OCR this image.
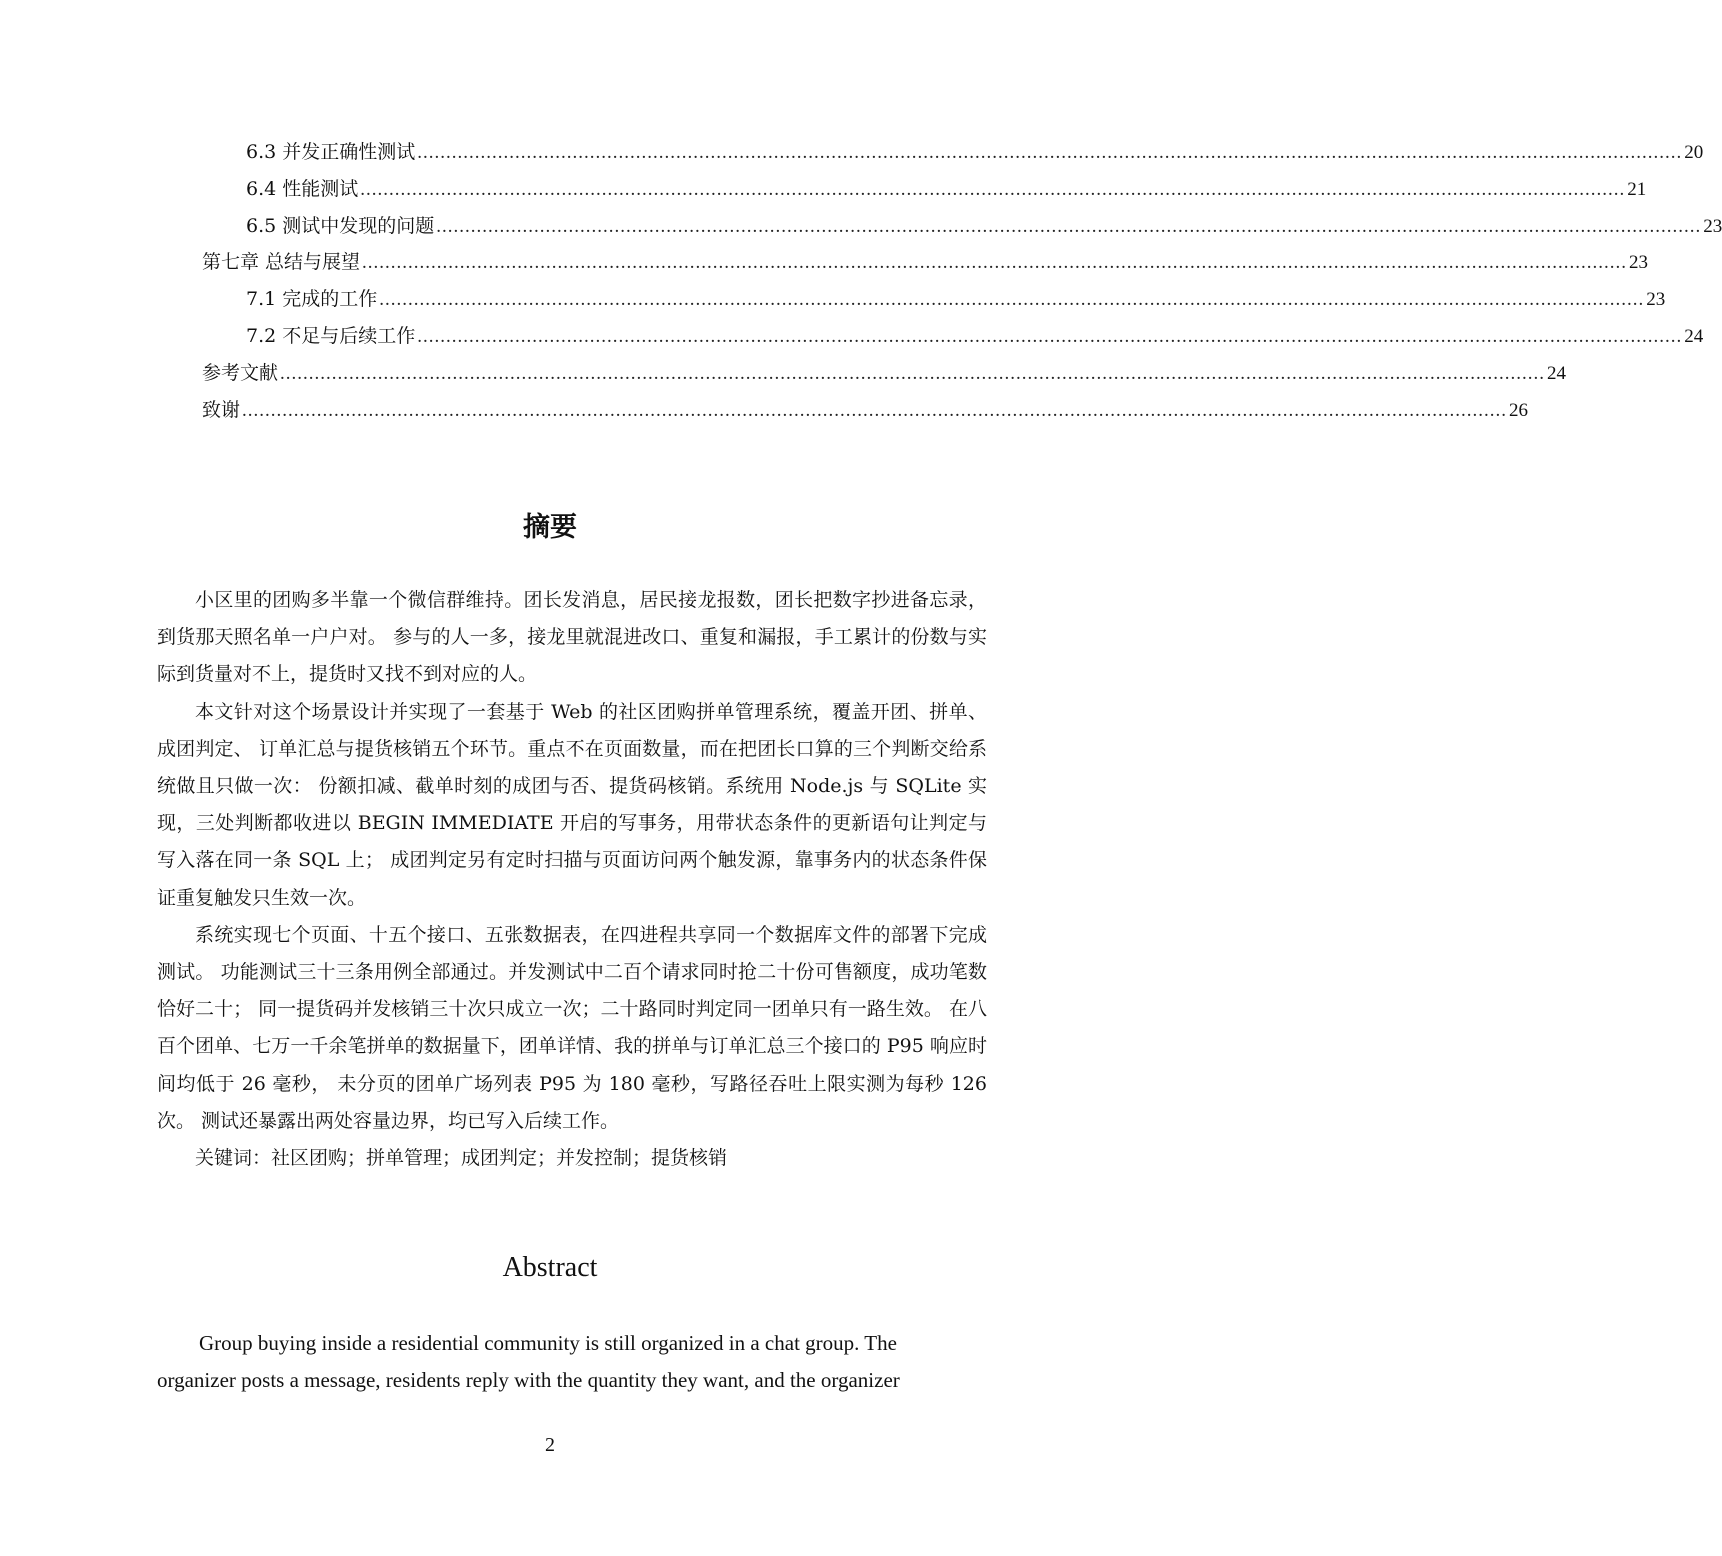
6.3 并发正确性测试 ............................................................................................................................................................................................................................ 20
6.4 性能测试 ............................................................................................................................................................................................................................ 21
6.5 测试中发现的问题 ............................................................................................................................................................................................................................ 23
第七章 总结与展望 ............................................................................................................................................................................................................................ 23
7.1 完成的工作 ............................................................................................................................................................................................................................ 23
7.2 不足与后续工作 ............................................................................................................................................................................................................................ 24
参考文献 ............................................................................................................................................................................................................................ 24
致谢 ............................................................................................................................................................................................................................ 26
摘要

小区里的团购多半靠一个微信群维持。团长发消息，居民接龙报数，团长把数字抄进备忘录，到货那天照名单一户户对。 参与的人一多，接龙里就混进改口、重复和漏报，手工累计的份数与实际到货量对不上，提货时又找不到对应的人。

本文针对这个场景设计并实现了一套基于 Web 的社区团购拼单管理系统，覆盖开团、拼单、成团判定、 订单汇总与提货核销五个环节。重点不在页面数量，而在把团长口算的三个判断交给系统做且只做一次： 份额扣减、截单时刻的成团与否、提货码核销。系统用 Node.js 与 SQLite 实现，三处判断都收进以 BEGIN IMMEDIATE 开启的写事务，用带状态条件的更新语句让判定与写入落在同一条 SQL 上； 成团判定另有定时扫描与页面访问两个触发源，靠事务内的状态条件保证重复触发只生效一次。

系统实现七个页面、十五个接口、五张数据表，在四进程共享同一个数据库文件的部署下完成测试。 功能测试三十三条用例全部通过。并发测试中二百个请求同时抢二十份可售额度，成功笔数恰好二十； 同一提货码并发核销三十次只成立一次；二十路同时判定同一团单只有一路生效。 在八百个团单、七万一千余笔拼单的数据量下，团单详情、我的拼单与订单汇总三个接口的 P95 响应时间均低于 26 毫秒， 未分页的团单广场列表 P95 为 180 毫秒，写路径吞吐上限实测为每秒 126 次。 测试还暴露出两处容量边界，均已写入后续工作。

关键词：社区团购；拼单管理；成团判定；并发控制；提货核销

Abstract

Group buying inside a residential community is still organized in a chat group. The organizer posts a message, residents reply with the quantity they want, and the organizer

2
